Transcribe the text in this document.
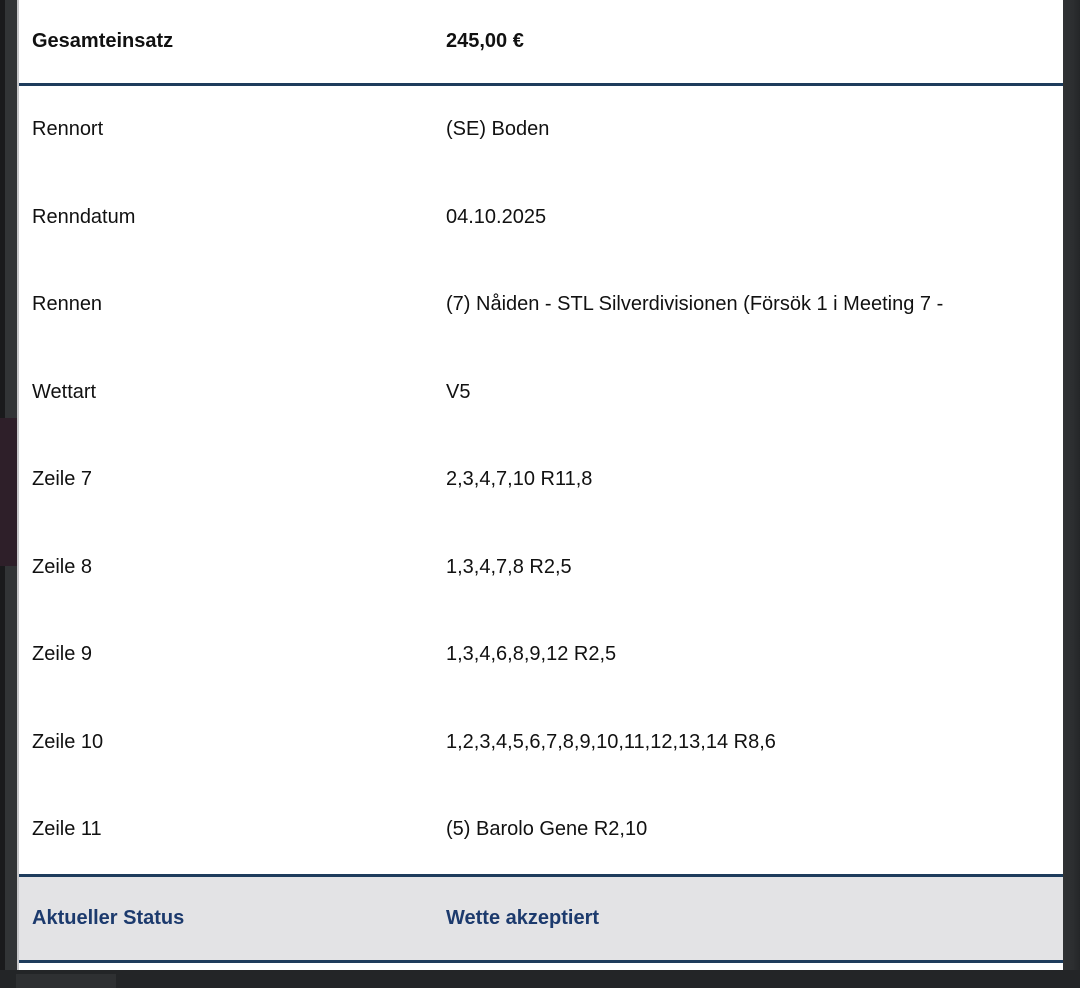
Gesamteinsatz	245,00 €
Rennort	(SE) Boden
Renndatum	04.10.2025
Rennen	(7) Nåiden - STL Silverdivisionen (Försök 1 i Meeting 7 -
Wettart	V5
Zeile 7	2,3,4,7,10 R11,8
Zeile 8	1,3,4,7,8 R2,5
Zeile 9	1,3,4,6,8,9,12 R2,5
Zeile 10	1,2,3,4,5,6,7,8,9,10,11,12,13,14 R8,6
Zeile 11	(5) Barolo Gene R2,10
Aktueller Status	Wette akzeptiert
